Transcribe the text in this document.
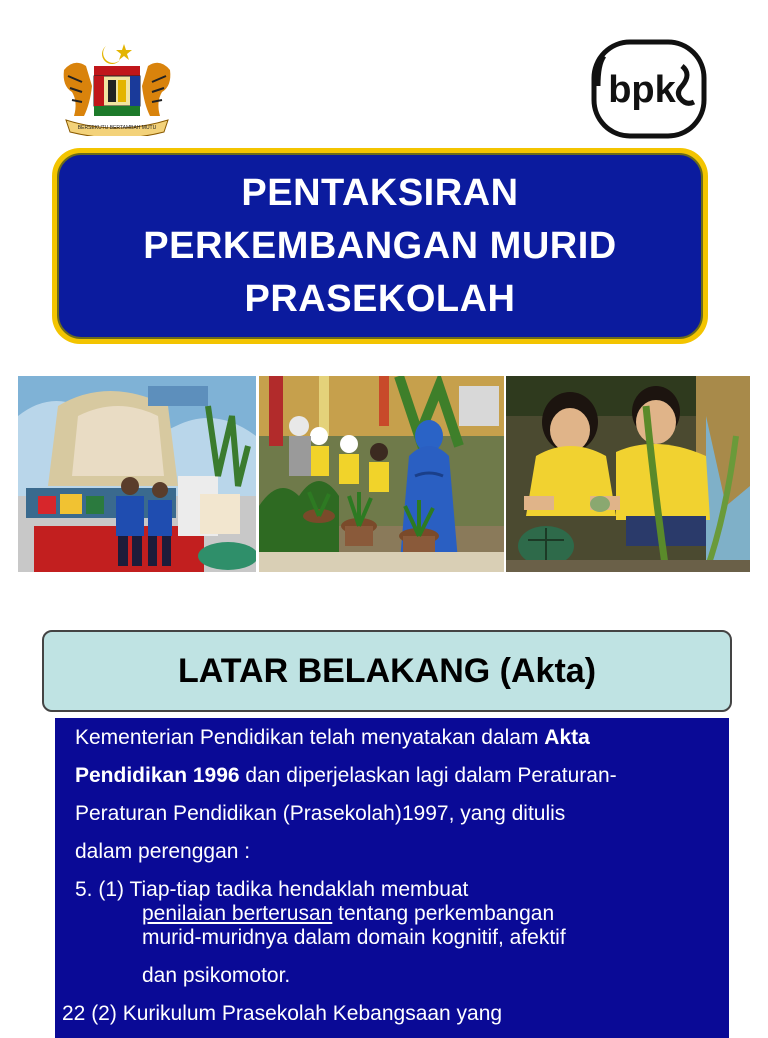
BERSEKUTU BERTAMBAH MUTU
bpk
PENTAKSIRAN
PERKEMBANGAN MURID
PRASEKOLAH
LATAR BELAKANG (Akta)
Kementerian Pendidikan telah menyatakan dalam Akta
Pendidikan 1996 dan diperjelaskan lagi dalam Peraturan-
Peraturan Pendidikan (Prasekolah)1997, yang ditulis
dalam perenggan :
5. (1) Tiap-tiap tadika hendaklah membuat
penilaian berterusan tentang perkembangan
murid-muridnya dalam domain kognitif, afektif
dan psikomotor.
22 (2) Kurikulum Prasekolah Kebangsaan yang
